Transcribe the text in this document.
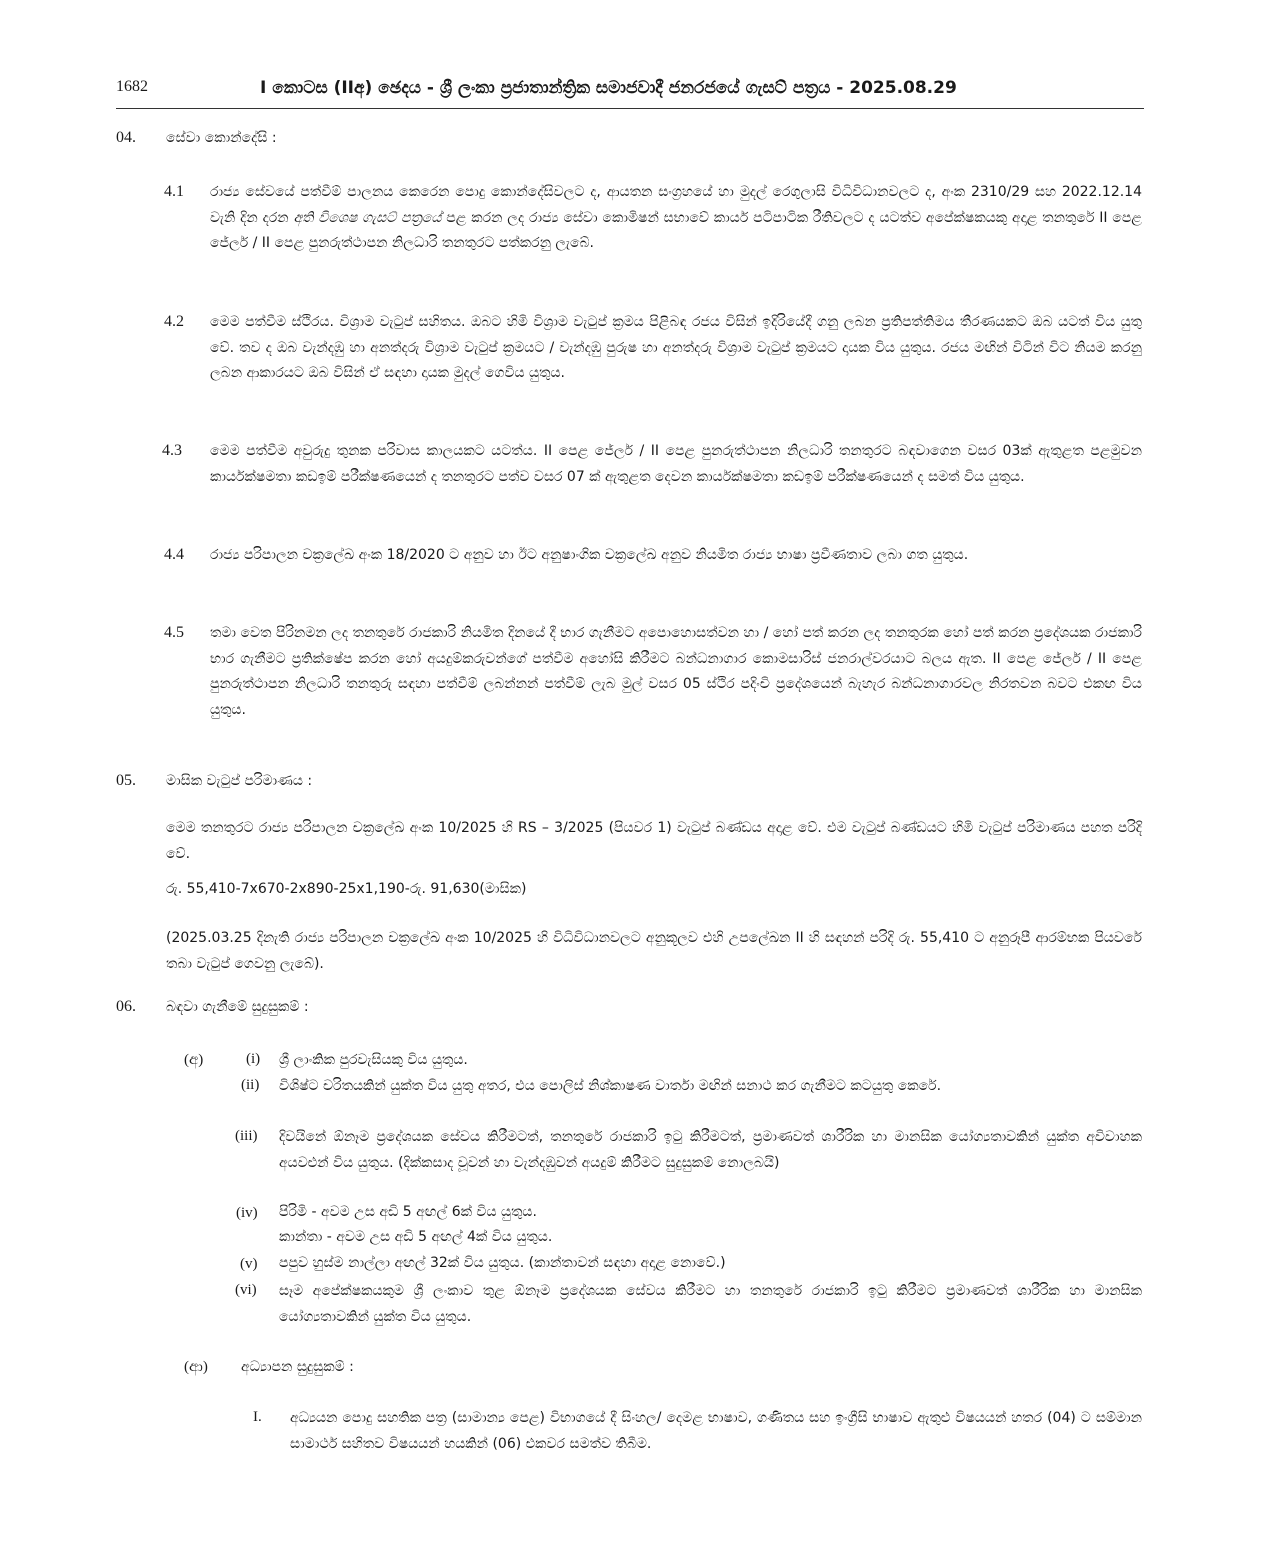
1682	I කොටස (IIඅ) ඡෙදය - ශ්‍රී ලංකා ප්‍රජාතාන්ත්‍රික සමාජවාදී ජනරජයේ ගැසට් පත්‍රය - 2025.08.29
04. සේවා කොන්දේසි :
4.1 රාජ්‍ය සේවයේ පත්වීම් පාලනය කෙරෙන පොදු කොන්දේසිවලට ද, ආයතන සංග්‍රහයේ හා මුදල් රෙගුලාසි විධිවිධානවලට ද, අංක 2310/29 සහ 2022.12.14 වැනි දින දරන අති විශෙෂ ගැසට් පත්‍රයේ පළ කරන ලද රාජ්‍ය සේවා කොමිෂන් සභාවේ කාර්ය පටිපාටික රීතිවලට ද යටත්ව අපේක්ෂකයකු අදාළ තනතුරේ II පෙළ ජේලර් / II පෙළ පුනරුත්ථාපන නිලධාරි තනතුරට පත්කරනු ලැබේ.
4.2 මෙම පත්වීම ස්ථිරය. විශ්‍රාම වැටුප් සහිතය. ඔබට හිමි විශ්‍රාම වැටුප් ක්‍රමය පිළිබඳ රජය විසින් ඉදිරියේදී ගනු ලබන ප්‍රතිපත්තිමය තීරණයකට ඔබ යටත් විය යුතු වේ. තව ද ඔබ වැන්දඹු හා අනත්දරු විශ්‍රාම වැටුප් ක්‍රමයට / වැන්දඹු පුරුෂ හා අනත්දරු විශ්‍රාම වැටුප් ක්‍රමයට දායක විය යුතුය. රජය මඟින් විටින් විට නියම කරනු ලබන ආකාරයට ඔබ විසින් ඒ සඳහා දායක මුදල් ගෙවිය යුතුය.
4.3 මෙම පත්වීම අවුරුදු තුනක පරිවාස කාලයකට යටත්ය. II පෙළ ජේලර් / II පෙළ පුනරුත්ථාපන නිලධාරි තනතුරට බඳවාගෙන වසර 03ක් ඇතුළත පළමුවන කාර්යක්ෂමතා කඩඉම් පරීක්ෂණයෙන් ද තනතුරට පත්ව වසර 07 ක් ඇතුළත දෙවන කාර්යක්ෂමතා කඩඉම් පරීක්ෂණයෙන් ද සමත් විය යුතුය.
4.4 රාජ්‍ය පරිපාලන චක්‍රලේඛ අංක 18/2020 ට අනුව හා ඊට අනුෂාංගික චක්‍රලේඛ අනුව නියමිත රාජ්‍ය භාෂා ප්‍රවීණතාව ලබා ගත යුතුය.
4.5 තමා වෙත පිරිනමන ලද තනතුරේ රාජකාරි නියමිත දිනයේ දී භාර ගැනීමට අපොහොසත්වන හා / හෝ පත් කරන ලද තනතුරක හෝ පත් කරන ප්‍රදේශයක රාජකාරි භාර ගැනීමට ප්‍රතික්ෂේප කරන හෝ අයදුම්කරුවන්ගේ පත්වීම අහෝසි කිරීමට බන්ධනාගාර කොමසාරිස් ජනරාල්වරයාට බලය ඇත. II පෙළ ජේලර් / II පෙළ පුනරුත්ථාපන නිලධාරි තනතුරු සඳහා පත්වීම් ලබන්නන් පත්වීම් ලැබ මුල් වසර 05 ස්ථිර පදිංචි ප්‍රදේශයෙන් බැහැර බන්ධනාගාරවල නිරතවන බවට එකඟ විය යුතුය.
05. මාසික වැටුප් පරිමාණය :
මෙම තනතුරට රාජ්‍ය පරිපාලන චක්‍රලේඛ අංක 10/2025 හි RS – 3/2025 (පියවර 1) වැටුප් බණ්ඩය අදාළ වේ. එම වැටුප් බණ්ඩයට හිමි වැටුප් පරිමාණය පහත පරිදි වේ.
රු. 55,410-7x670-2x890-25x1,190-රු. 91,630(මාසික)
(2025.03.25 දිනැති රාජ්‍ය පරිපාලන චක්‍රලේඛ අංක 10/2025 හි විධිවිධානවලට අනුකූලව එහි උපලේඛන II හි සඳහන් පරිදි රු. 55,410 ට අනුරූපී ආරම්භක පියවරේ තබා වැටුප් ගෙවනු ලැබේ).
06. බඳවා ගැනීමේ සුදුසුකම් :
(අ)	(i) ශ්‍රී ලාංකික පුරවැසියකු විය යුතුය.
(ii) විශිෂ්ට චරිතයකින් යුක්ත විය යුතු අතර, එය පොලිස් නිශ්කාෂණ වාර්තා මඟින් සනාථ කර ගැනීමට කටයුතු කෙරේ.
(iii) දිවයිනේ ඕනෑම ප්‍රදේශයක සේවය කිරීමටත්, තනතුරේ රාජකාරි ඉටු කිරීමටත්, ප්‍රමාණවත් ශාරීරික හා මානසික යෝග්‍යතාවකින් යුක්ත අවිවාහක අයවළුන් විය යුතුය. (දික්කසාද වූවන් හා වැන්දඹුවන් අයදුම් කිරීමට සුදුසුකම් නොලබයි)
(iv) පිරිමි - අවම උස අඩි 5 අඟල් 6ක් විය යුතුය.
කාන්තා - අවම උස අඩි 5 අඟල් 4ක් විය යුතුය.
(v) පපුව හුස්ම නාල්ලා අඟල් 32ක් විය යුතුය. (කාන්තාවන් සඳහා අදාළ නොවේ.)
(vi) සෑම අපේක්ෂකයකුම ශ්‍රී ලංකාව තුළ ඕනෑම ප්‍රදේශයක සේවය කිරීමට හා තනතුරේ රාජකාරි ඉටු කිරීමට ප්‍රමාණවත් ශාරීරික හා මානසික යෝග්‍යතාවකින් යුක්ත විය යුතුය.
(ආ) අධ්‍යාපන සුදුසුකම් :
I. අධ්‍යයන පොදු සහතික පත්‍ර (සාමාන්‍ය පෙළ) විභාගයේ දී සිංහල/ දෙමළ භාෂාව, ගණිතය සහ ඉංග්‍රීසි භාෂාව ඇතුළු විෂයයන් හතර (04) ට සම්මාන සාමාර්ථ සහිතව විෂයයන් හයකින් (06) එකවර සමත්ව තිබීම.
